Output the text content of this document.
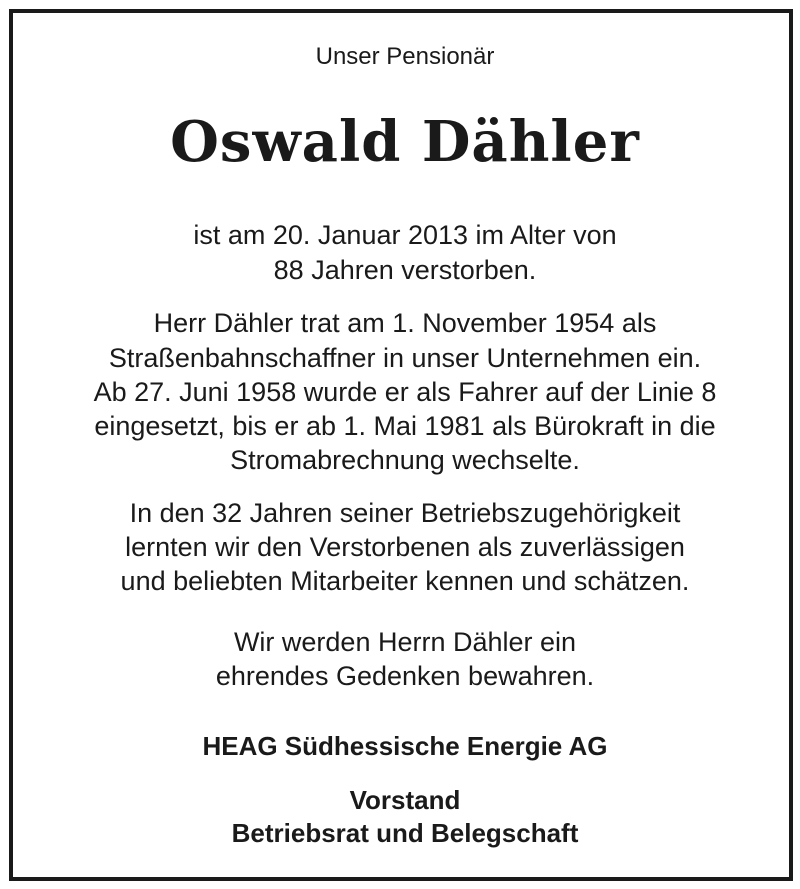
Unser Pensionär
Oswald Dähler
ist am 20. Januar 2013 im Alter von
88 Jahren verstorben.
Herr Dähler trat am 1. November 1954 als
Straßenbahnschaffner in unser Unternehmen ein.
Ab 27. Juni 1958 wurde er als Fahrer auf der Linie 8
eingesetzt, bis er ab 1. Mai 1981 als Bürokraft in die
Stromabrechnung wechselte.
In den 32 Jahren seiner Betriebszugehörigkeit
lernten wir den Verstorbenen als zuverlässigen
und beliebten Mitarbeiter kennen und schätzen.
Wir werden Herrn Dähler ein
ehrendes Gedenken bewahren.
HEAG Südhessische Energie AG
Vorstand
Betriebsrat und Belegschaft
